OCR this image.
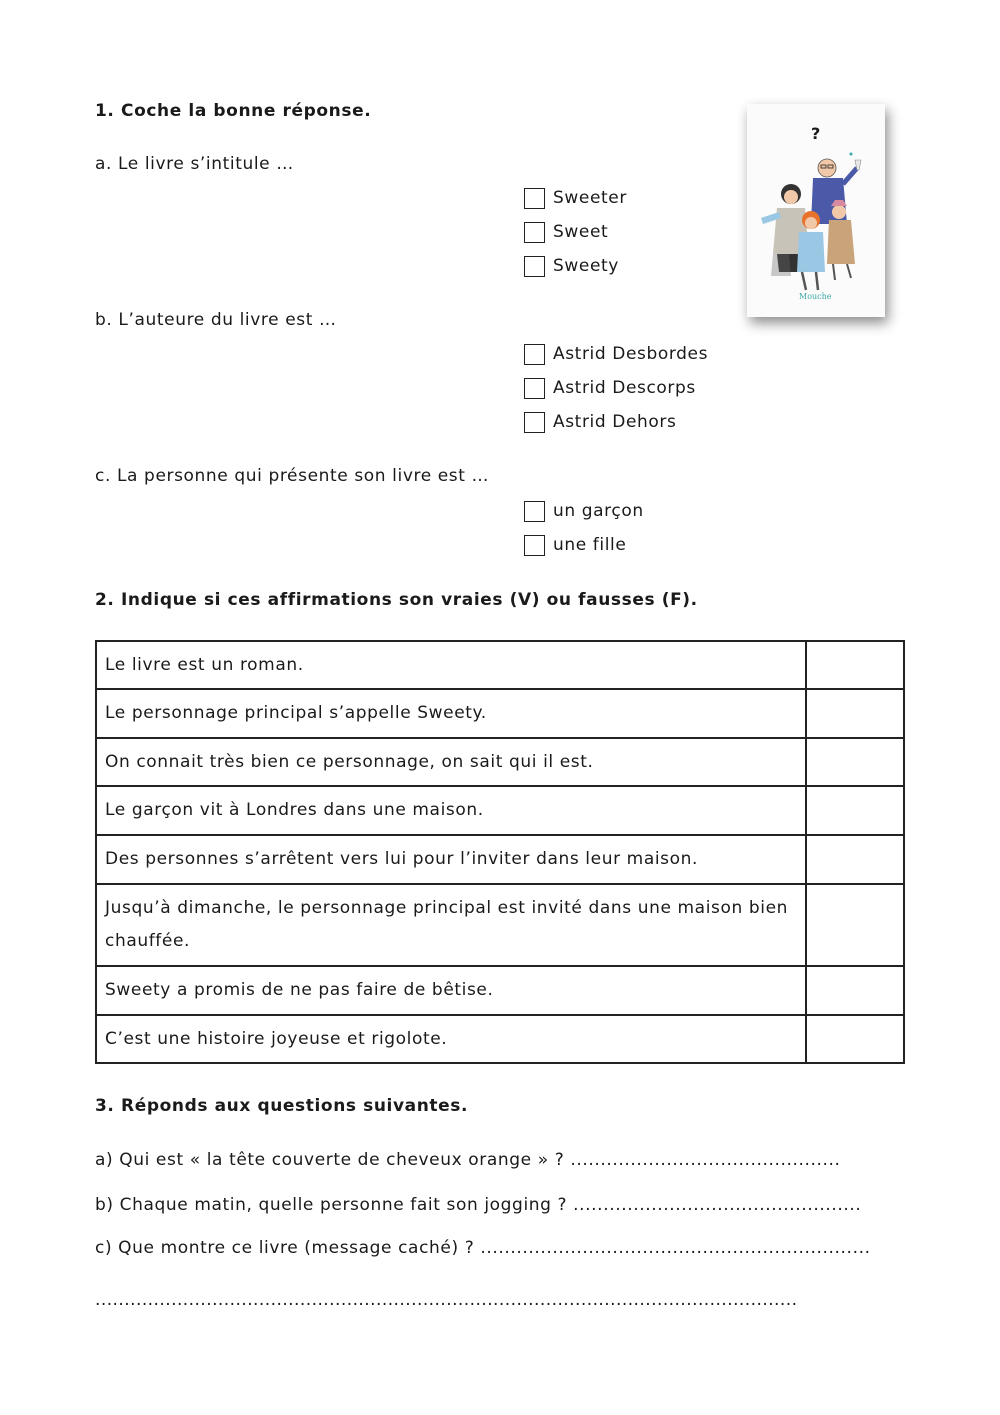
1. Coche la bonne réponse.
a. Le livre s’intitule …
Sweeter
Sweet
Sweety
b. L’auteure du livre est …
Astrid Desbordes
Astrid Descorps
Astrid Dehors
c. La personne qui présente son livre est …
un garçon
une fille
?
Mouche
2. Indique si ces affirmations son vraies (V) ou fausses (F).
Le livre est un roman.	
Le personnage principal s’appelle Sweety.	
On connait très bien ce personnage, on sait qui il est.	
Le garçon vit à Londres dans une maison.	
Des personnes s’arrêtent vers lui pour l’inviter dans leur maison.	
Jusqu’à dimanche, le personnage principal est invité dans une maison bien chauffée.	
Sweety a promis de ne pas faire de bêtise.	
C’est une histoire joyeuse et rigolote.	
3. Réponds aux questions suivantes.
a) Qui est « la tête couverte de cheveux orange » ? .............................................
b) Chaque matin, quelle personne fait son jogging ? ................................................
c) Que montre ce livre (message caché) ? .................................................................
........................................................................................................................
